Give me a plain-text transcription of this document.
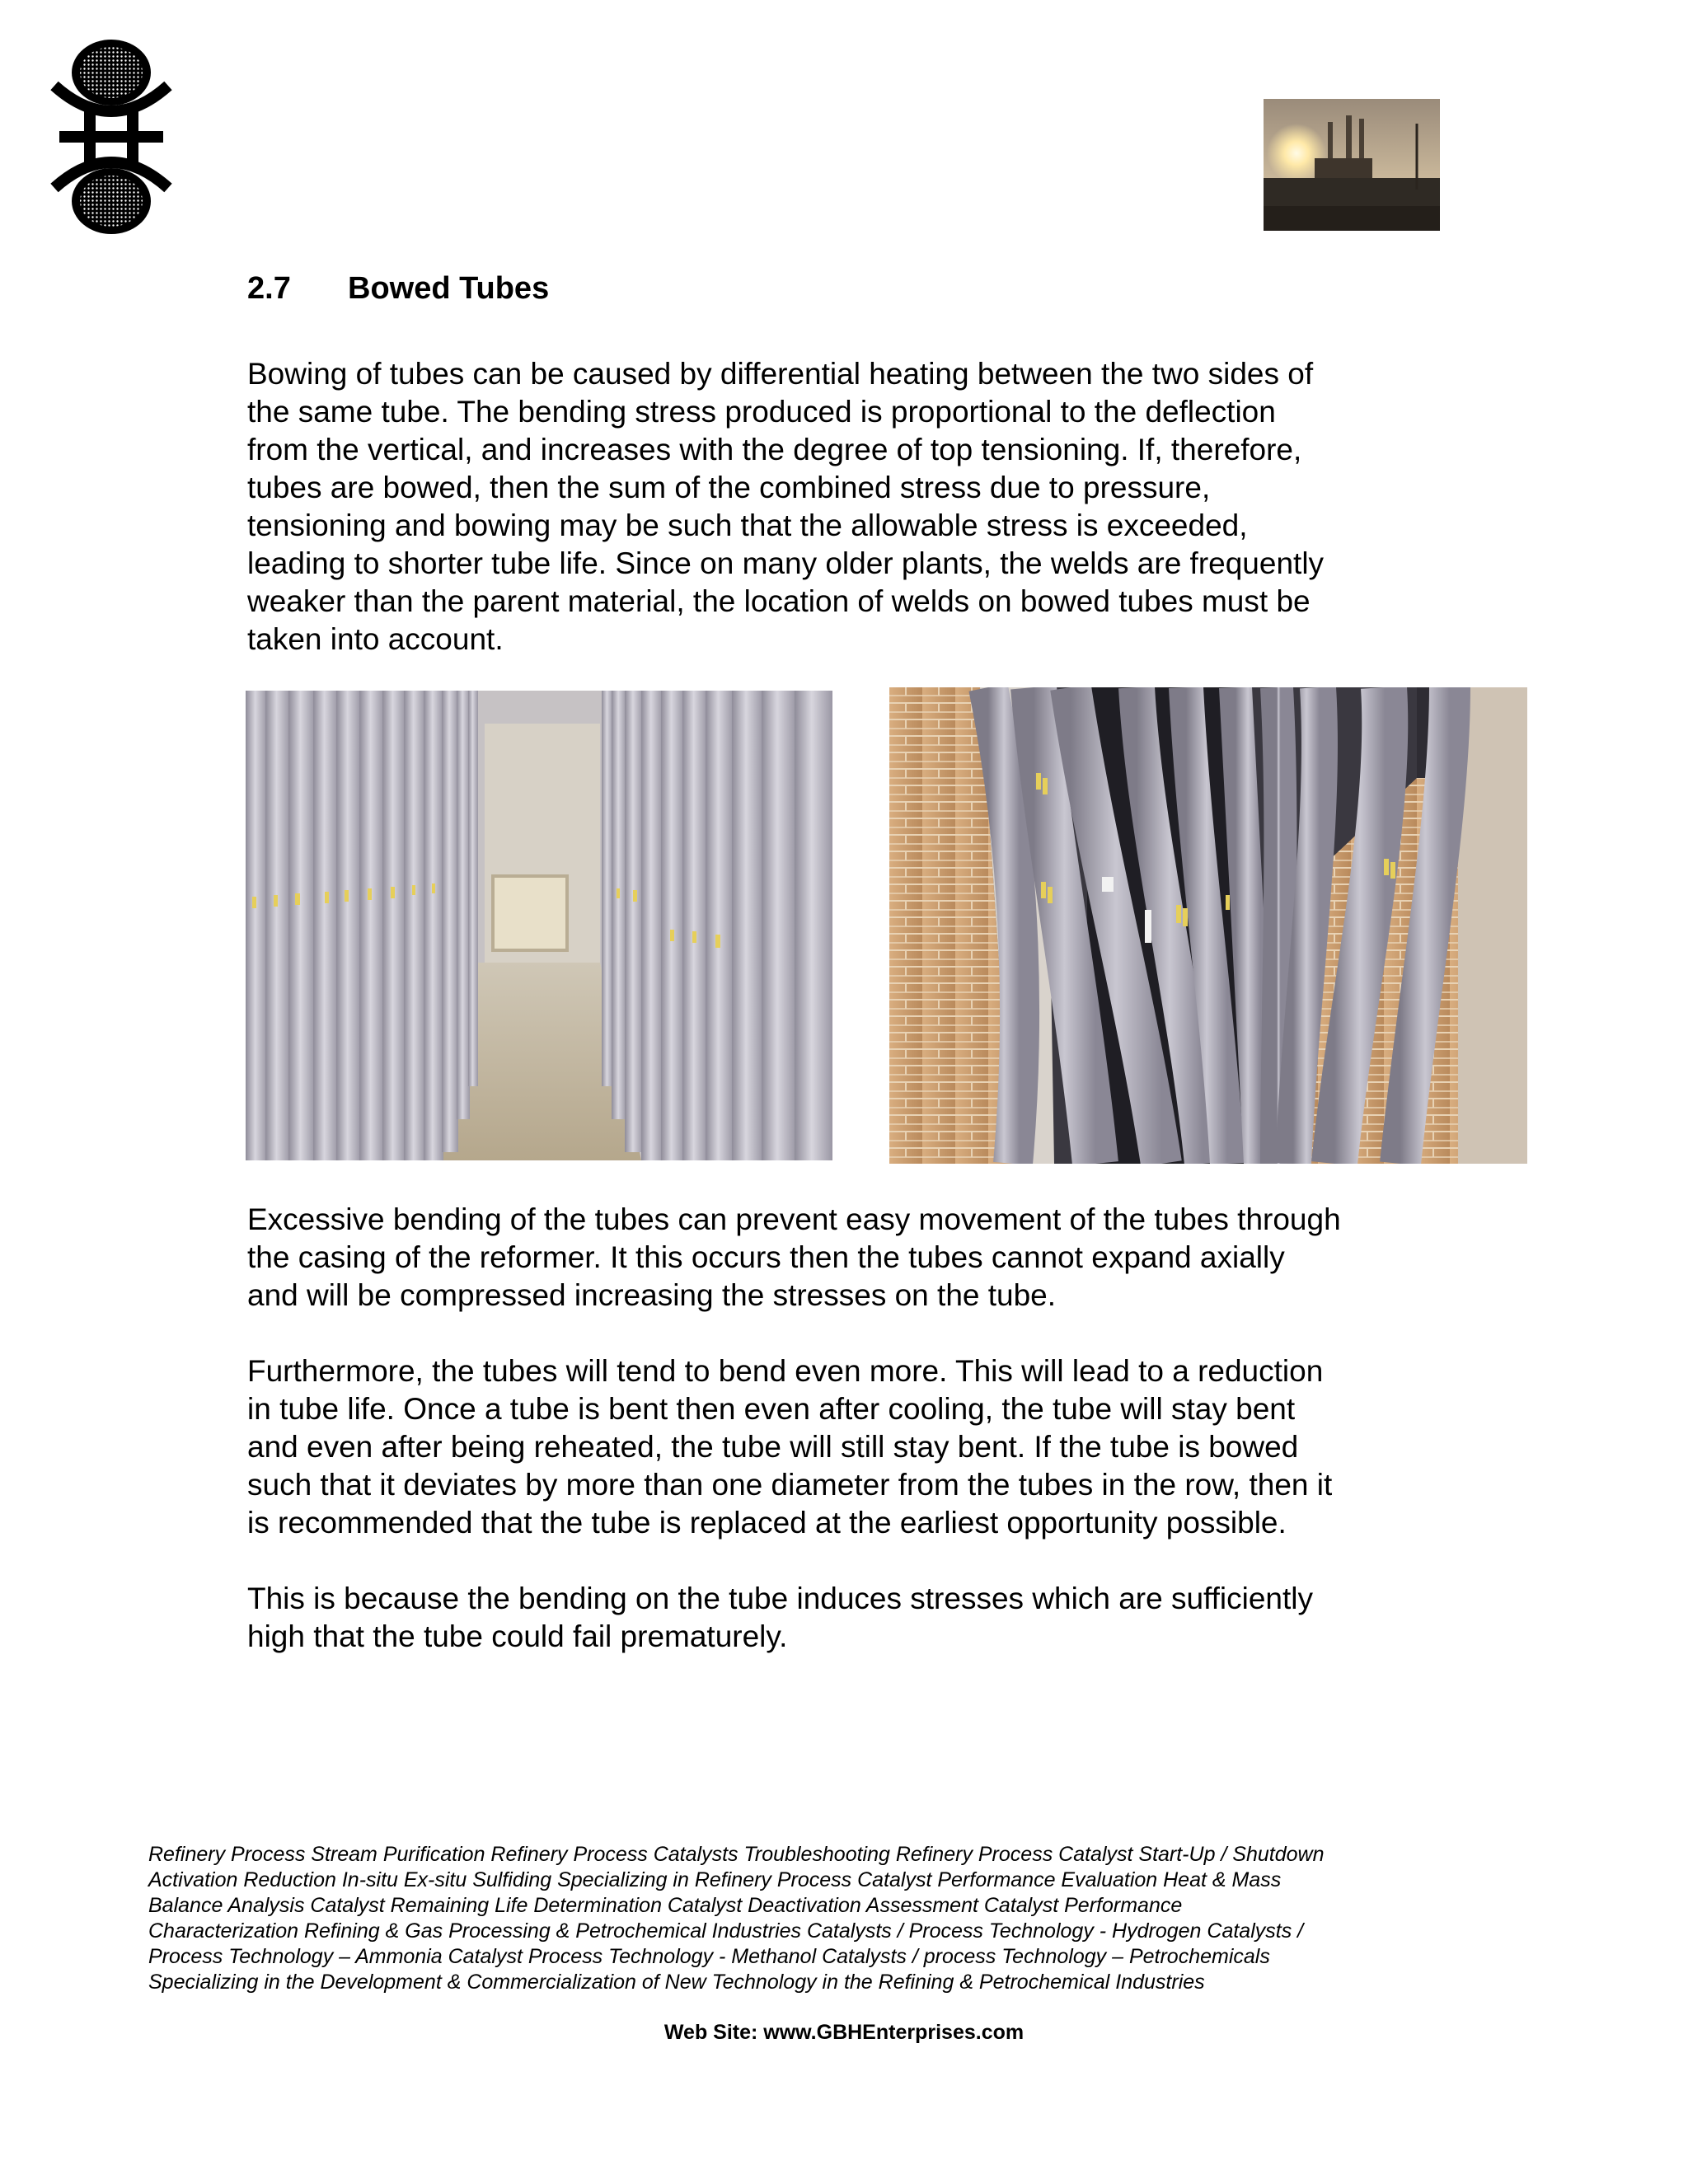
2.7 Bowed Tubes
Bowing of tubes can be caused by differential heating between the two sides of
the same tube. The bending stress produced is proportional to the deflection
from the vertical, and increases with the degree of top tensioning. If, therefore,
tubes are bowed, then the sum of the combined stress due to pressure,
tensioning and bowing may be such that the allowable stress is exceeded,
leading to shorter tube life. Since on many older plants, the welds are frequently
weaker than the parent material, the location of welds on bowed tubes must be
taken into account.
Excessive bending of the tubes can prevent easy movement of the tubes through
the casing of the reformer. It this occurs then the tubes cannot expand axially
and will be compressed increasing the stresses on the tube.
Furthermore, the tubes will tend to bend even more. This will lead to a reduction
in tube life. Once a tube is bent then even after cooling, the tube will stay bent
and even after being reheated, the tube will still stay bent. If the tube is bowed
such that it deviates by more than one diameter from the tubes in the row, then it
is recommended that the tube is replaced at the earliest opportunity possible.
This is because the bending on the tube induces stresses which are sufficiently
high that the tube could fail prematurely.
Refinery Process Stream Purification Refinery Process Catalysts Troubleshooting Refinery Process Catalyst Start-Up / Shutdown
Activation Reduction In-situ Ex-situ Sulfiding Specializing in Refinery Process Catalyst Performance Evaluation Heat & Mass
Balance Analysis Catalyst Remaining Life Determination Catalyst Deactivation Assessment Catalyst Performance
Characterization Refining & Gas Processing & Petrochemical Industries Catalysts / Process Technology - Hydrogen Catalysts /
Process Technology – Ammonia Catalyst Process Technology - Methanol Catalysts / process Technology – Petrochemicals
Specializing in the Development & Commercialization of New Technology in the Refining & Petrochemical Industries
Web Site: www.GBHEnterprises.com
